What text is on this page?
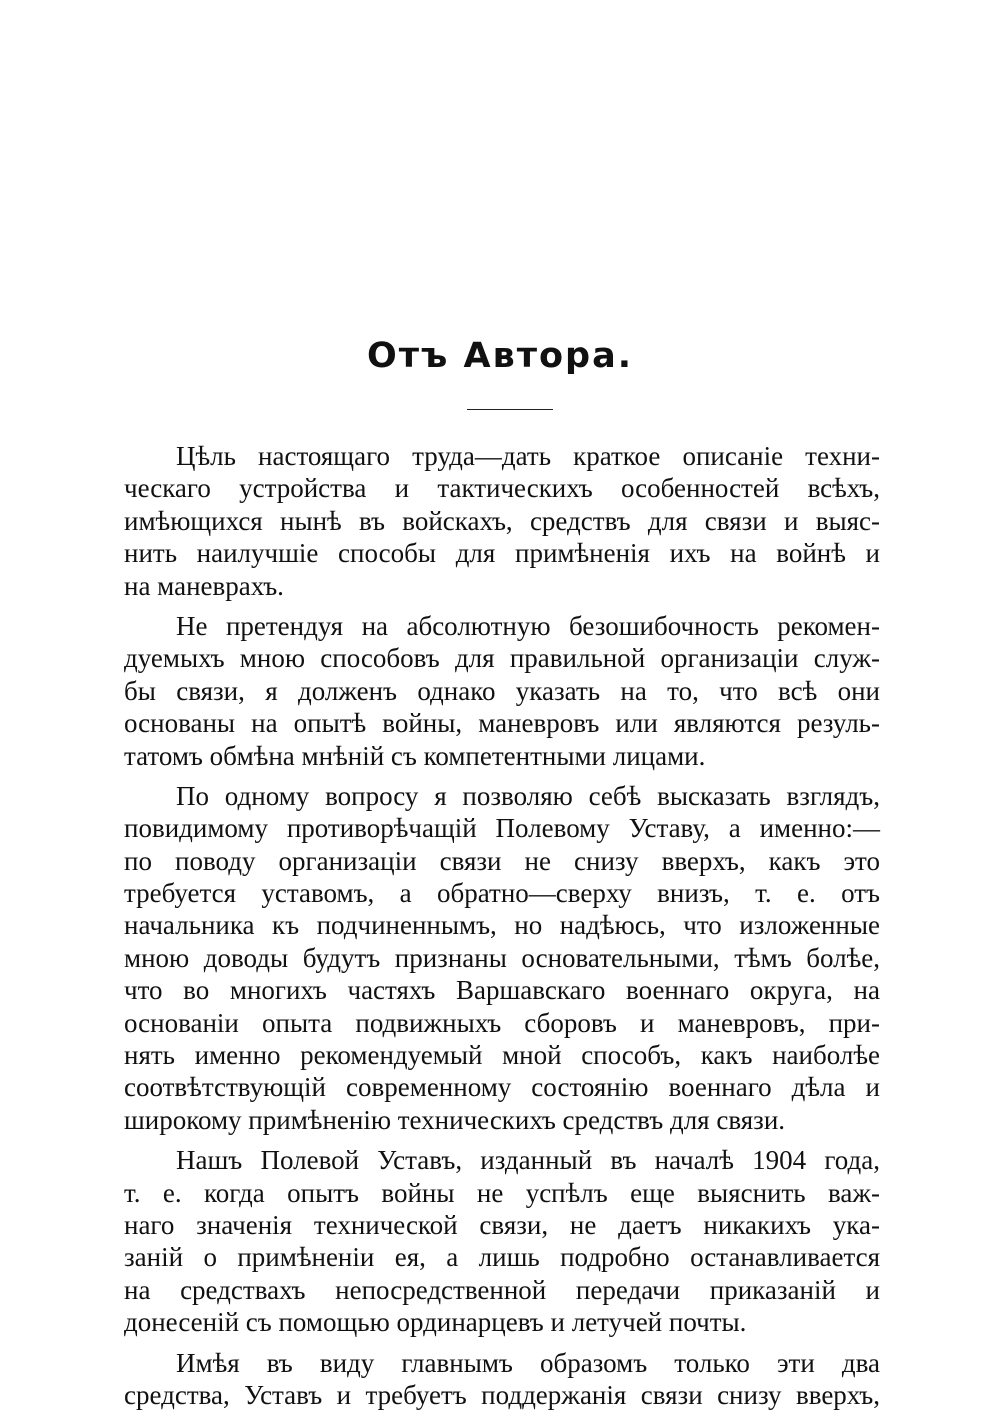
Отъ Автора.
Цѣль настоящаго труда—дать краткое описаніе техни-
ческаго устройства и тактическихъ особенностей всѣхъ,
имѣющихся нынѣ въ войскахъ, средствъ для связи и выяс-
нить наилучшіе способы для примѣненія ихъ на войнѣ и
на маневрахъ.
Не претендуя на абсолютную безошибочность рекомен-
дуемыхъ мною способовъ для правильной организаціи служ-
бы связи, я долженъ однако указать на то, что всѣ они
основаны на опытѣ войны, маневровъ или являются резуль-
татомъ обмѣна мнѣній съ компетентными лицами.
По одному вопросу я позволяю себѣ высказать взглядъ,
повидимому противорѣчащій Полевому Уставу, а именно:—
по поводу организаціи связи не снизу вверхъ, какъ это
требуется уставомъ, а обратно—сверху внизъ, т. е. отъ
начальника къ подчиненнымъ, но надѣюсь, что изложенные
мною доводы будутъ признаны основательными, тѣмъ болѣе,
что во многихъ частяхъ Варшавскаго военнаго округа, на
основаніи опыта подвижныхъ сборовъ и маневровъ, при-
нять именно рекомендуемый мной способъ, какъ наиболѣе
соотвѣтствующій современному состоянію военнаго дѣла и
широкому примѣненію техническихъ средствъ для связи.
Нашъ Полевой Уставъ, изданный въ началѣ 1904 года,
т. е. когда опытъ войны не успѣлъ еще выяснить важ-
наго значенія технической связи, не даетъ никакихъ ука-
заній о примѣненіи ея, а лишь подробно останавливается
на средствахъ непосредственной передачи приказаній и
донесеній съ помощью ординарцевъ и летучей почты.
Имѣя въ виду главнымъ образомъ только эти два
средства, Уставъ и требуетъ поддержанія связи снизу вверхъ,
